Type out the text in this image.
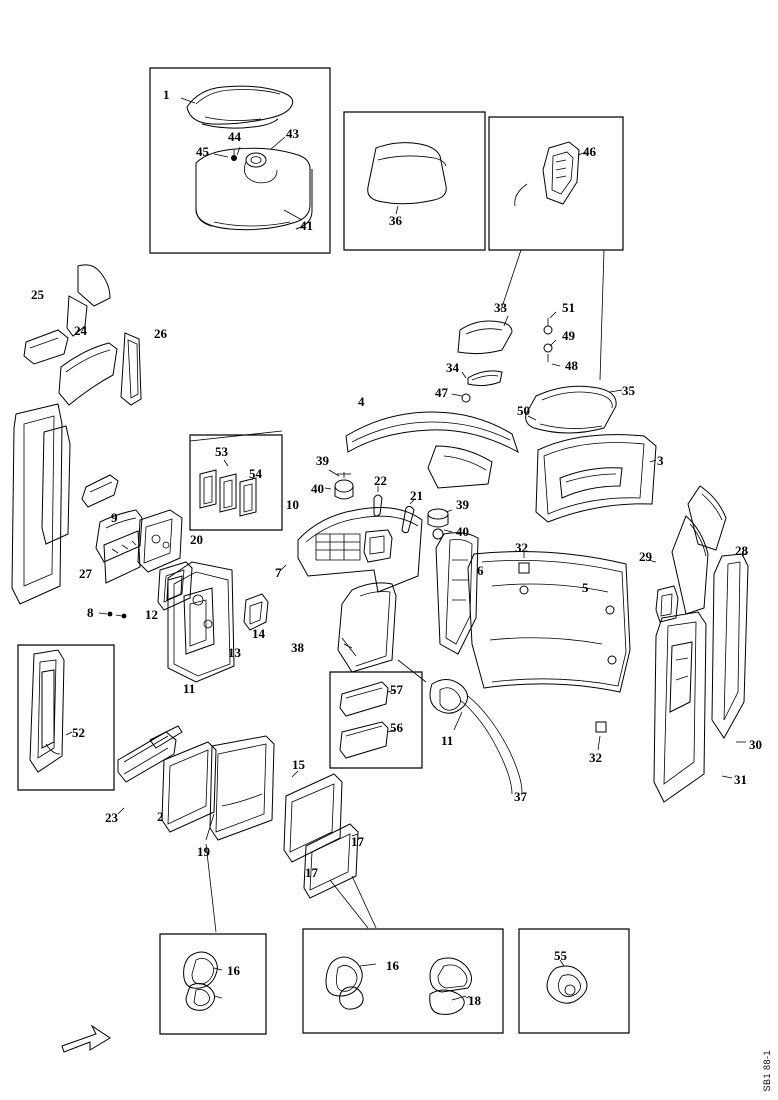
1
2
3
4
5
6
7
8
9
10
11
11
12
13
14
15
16	16
17
17
18
19
20
21
22
23
24
25
26
27
28
29
30
31
32
32
33
34
35
36
37
38
39
39
40
40
41
43
44
45	46
47
48
49
50
51
52
53
54
55
56
57
SB1 88-1
